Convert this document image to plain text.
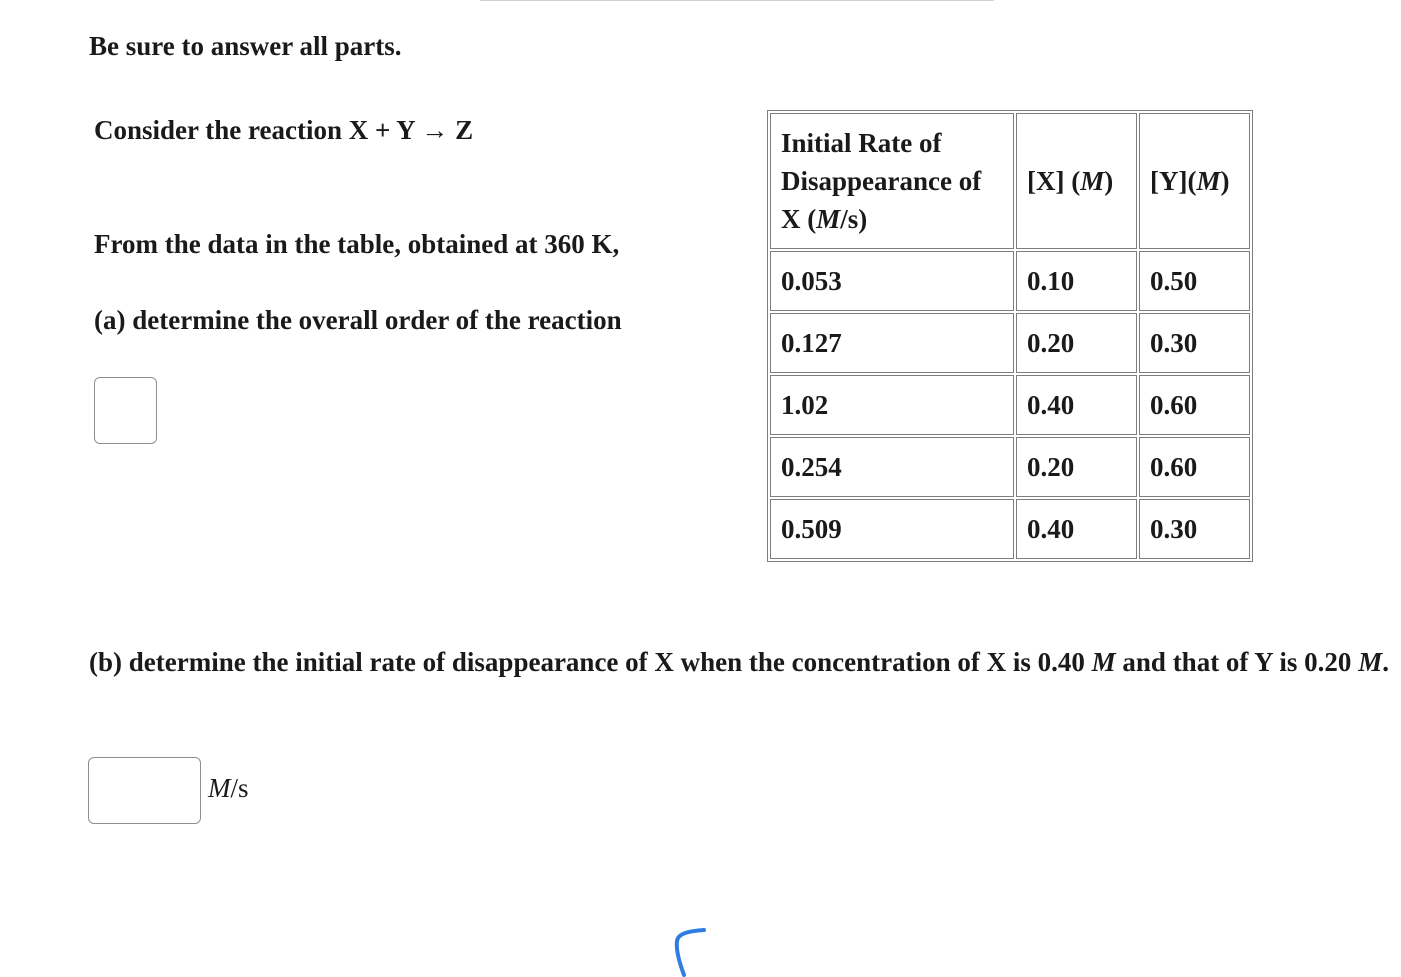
Be sure to answer all parts.
Consider the reaction X + Y → Z
From the data in the table, obtained at 360 K,
(a) determine the overall order of the reaction
Initial Rate of
Disappearance of
X (M/s)	[X] (M)	[Y](M)
0.053	0.10	0.50
0.127	0.20	0.30
1.02	0.40	0.60
0.254	0.20	0.60
0.509	0.40	0.30
(b) determine the initial rate of disappearance of X when the concentration of X is 0.40 M and that of Y is 0.20 M.
M/s
